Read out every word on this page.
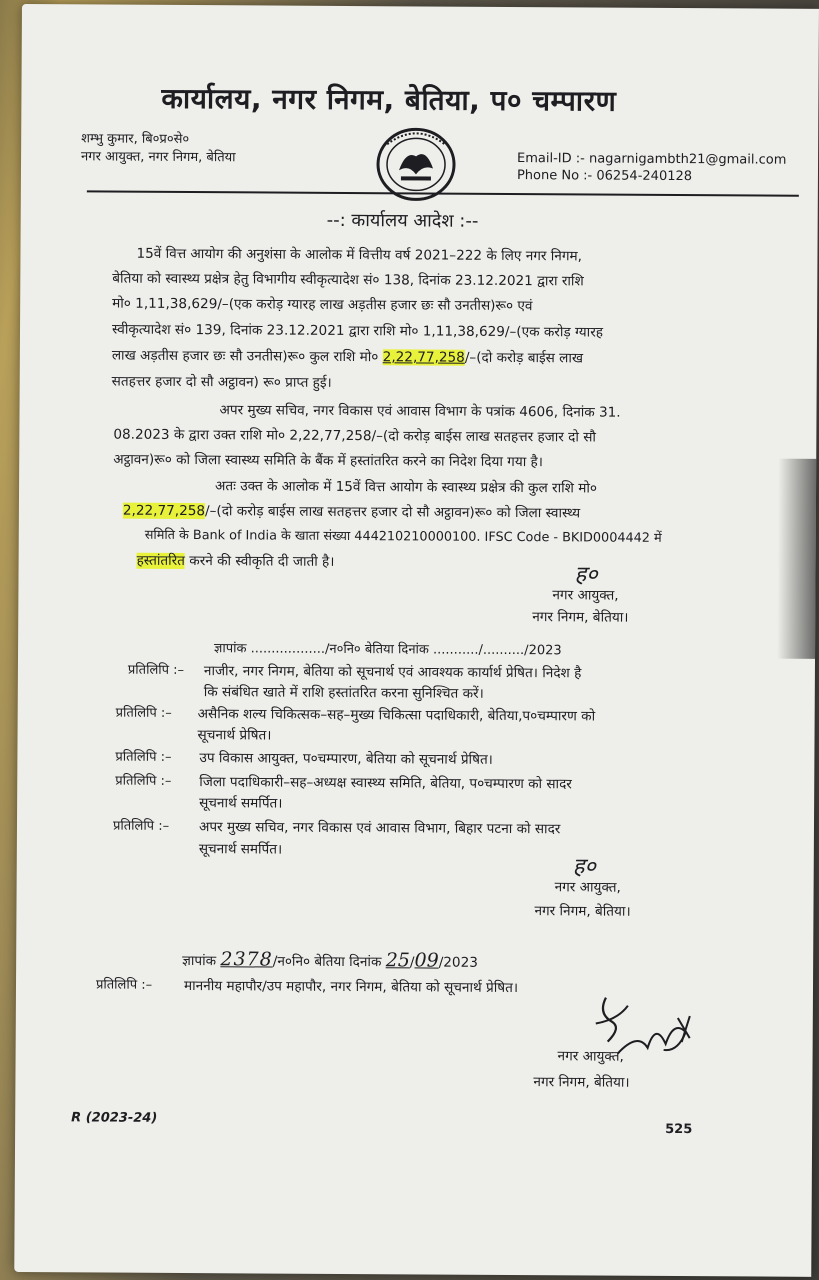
कार्यालय, नगर निगम, बेतिया, प० चम्पारण
शम्भु कुमार, बि०प्र०से०
नगर आयुक्त, नगर निगम, बेतिया	Email-ID :- nagarnigambth21@gmail.com
Phone No :- 06254-240128
--: कार्यालय आदेश :--
15वें वित्त आयोग की अनुशंसा के आलोक में वित्तीय वर्ष 2021–222 के लिए नगर निगम,
बेतिया को स्वास्थ्य प्रक्षेत्र हेतु विभागीय स्वीकृत्यादेश सं० 138, दिनांक 23.12.2021 द्वारा राशि
मो० 1,11,38,629/–(एक करोड़ ग्यारह लाख अड़तीस हजार छः सौ उनतीस)रू० एवं
स्वीकृत्यादेश सं० 139, दिनांक 23.12.2021 द्वारा राशि मो० 1,11,38,629/–(एक करोड़ ग्यारह
लाख अड़तीस हजार छः सौ उनतीस)रू० कुल राशि मो० 2,22,77,258/–(दो करोड़ बाईस लाख
सतहत्तर हजार दो सौ अट्ठावन) रू० प्राप्त हुई।
अपर मुख्य सचिव, नगर विकास एवं आवास विभाग के पत्रांक 4606, दिनांक 31.
08.2023 के द्वारा उक्त राशि मो० 2,22,77,258/–(दो करोड़ बाईस लाख सतहत्तर हजार दो सौ
अट्ठावन)रू० को जिला स्वास्थ्य समिति के बैंक में हस्तांतरित करने का निदेश दिया गया है।
अतः उक्त के आलोक में 15वें वित्त आयोग के स्वास्थ्य प्रक्षेत्र की कुल राशि मो०
2,22,77,258/–(दो करोड़ बाईस लाख सतहत्तर हजार दो सौ अट्ठावन)रू० को जिला स्वास्थ्य
समिति के Bank of India के खाता संख्या 444210210000100. IFSC Code - BKID0004442 में
हस्तांतरित करने की स्वीकृति दी जाती है।
ह०
नगर आयुक्त,
नगर निगम, बेतिया।
ज्ञापांक ................../न०नि० बेतिया दिनांक .........../........../2023
प्रतिलिपि :– नाजीर, नगर निगम, बेतिया को सूचनार्थ एवं आवश्यक कार्यार्थ प्रेषित। निदेश है
कि संबंधित खाते में राशि हस्तांतरित करना सुनिश्चित करें।
प्रतिलिपि :– असैनिक शल्य चिकित्सक–सह–मुख्य चिकित्सा पदाधिकारी, बेतिया,प०चम्पारण को
सूचनार्थ प्रेषित।
प्रतिलिपि :– उप विकास आयुक्त, प०चम्पारण, बेतिया को सूचनार्थ प्रेषित।
प्रतिलिपि :– जिला पदाधिकारी–सह–अध्यक्ष स्वास्थ्य समिति, बेतिया, प०चम्पारण को सादर
सूचनार्थ समर्पित।
प्रतिलिपि :– अपर मुख्य सचिव, नगर विकास एवं आवास विभाग, बिहार पटना को सादर
सूचनार्थ समर्पित।
ह०
नगर आयुक्त,
नगर निगम, बेतिया।
ज्ञापांक 2378/न०नि० बेतिया दिनांक 25/09/2023
प्रतिलिपि :– माननीय महापौर/उप महापौर, नगर निगम, बेतिया को सूचनार्थ प्रेषित।
नगर आयुक्त,
नगर निगम, बेतिया।
R (2023-24)
525
